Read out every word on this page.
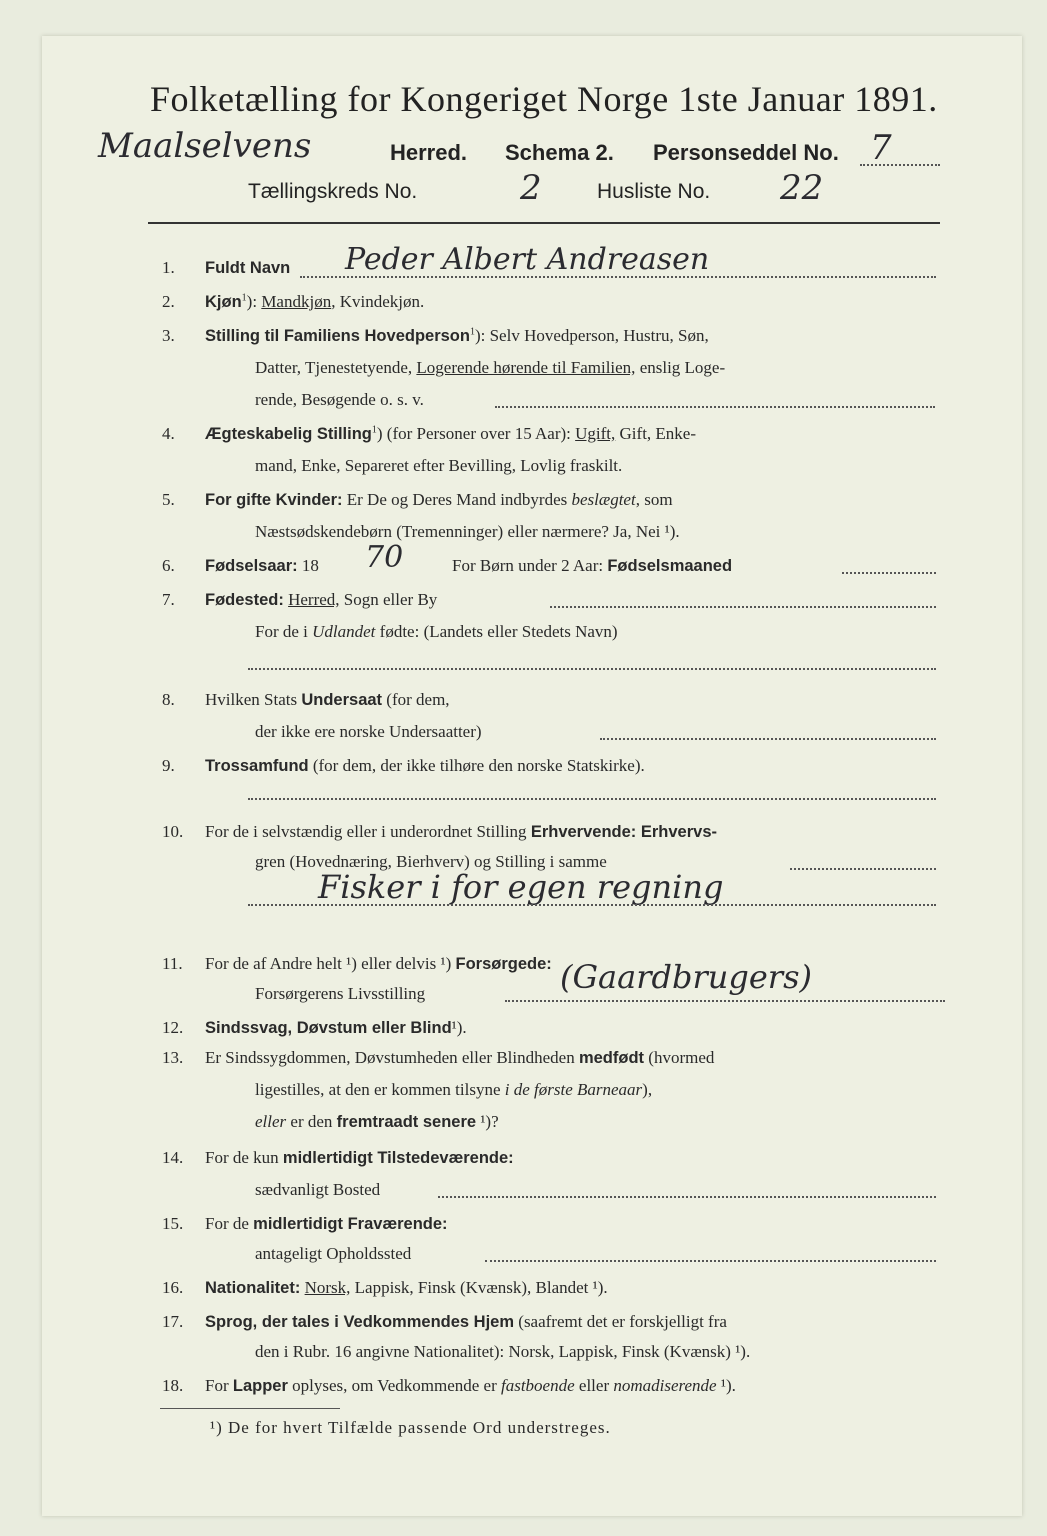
Folketælling for Kongeriget Norge 1ste Januar 1891.
Maalselvens	Herred. Schema 2. Personseddel No. 7
Tællingskreds No.	2	Husliste No. 22
1. Fuldt Navn Peder Albert Andreasen
2. Kjøn$^1$): Mandkjøn, Kvindekjøn.
3. Stilling til Familiens Hovedperson$^1$): Selv Hovedperson, Hustru, Søn,
Datter, Tjenestetyende, Logerende hørende til Familien, enslig Loge-
rende, Besøgende o. s. v.
4. Ægteskabelig Stilling$^1$) (for Personer over 15 Aar): Ugift, Gift, Enke-
mand, Enke, Separeret efter Bevilling, Lovlig fraskilt.
5. For gifte Kvinder: Er De og Deres Mand indbyrdes beslægtet, som
Næstsødskendebørn (Tremenninger) eller nærmere? Ja, Nei ¹).
6. Fødselsaar: 18 70	For Børn under 2 Aar: Fødselsmaaned
7. Fødested: Herred, Sogn eller By
For de i Udlandet fødte: (Landets eller Stedets Navn)
8. Hvilken Stats Undersaat (for dem,
der ikke ere norske Undersaatter)
9. Trossamfund (for dem, der ikke tilhøre den norske Statskirke).
10. For de i selvstændig eller i underordnet Stilling Erhvervende: Erhvervs-
gren (Hovednæring, Bierhverv) og Stilling i samme
Fisker i for egen regning
11. For de af Andre helt ¹) eller delvis ¹) Forsørgede:
Forsørgerens Livsstilling	(Gaardbrugers)
12. Sindssvag, Døvstum eller Blind¹).
13. Er Sindssygdommen, Døvstumheden eller Blindheden medfødt (hvormed
ligestilles, at den er kommen tilsyne i de første Barneaar),
eller er den fremtraadt senere ¹)?
14. For de kun midlertidigt Tilstedeværende:
sædvanligt Bosted
15. For de midlertidigt Fraværende:
antageligt Opholdssted
16. Nationalitet: Norsk, Lappisk, Finsk (Kvænsk), Blandet ¹).
17. Sprog, der tales i Vedkommendes Hjem (saafremt det er forskjelligt fra
den i Rubr. 16 angivne Nationalitet): Norsk, Lappisk, Finsk (Kvænsk) ¹).
18. For Lapper oplyses, om Vedkommende er fastboende eller nomadiserende ¹).
¹) De for hvert Tilfælde passende Ord understreges.
